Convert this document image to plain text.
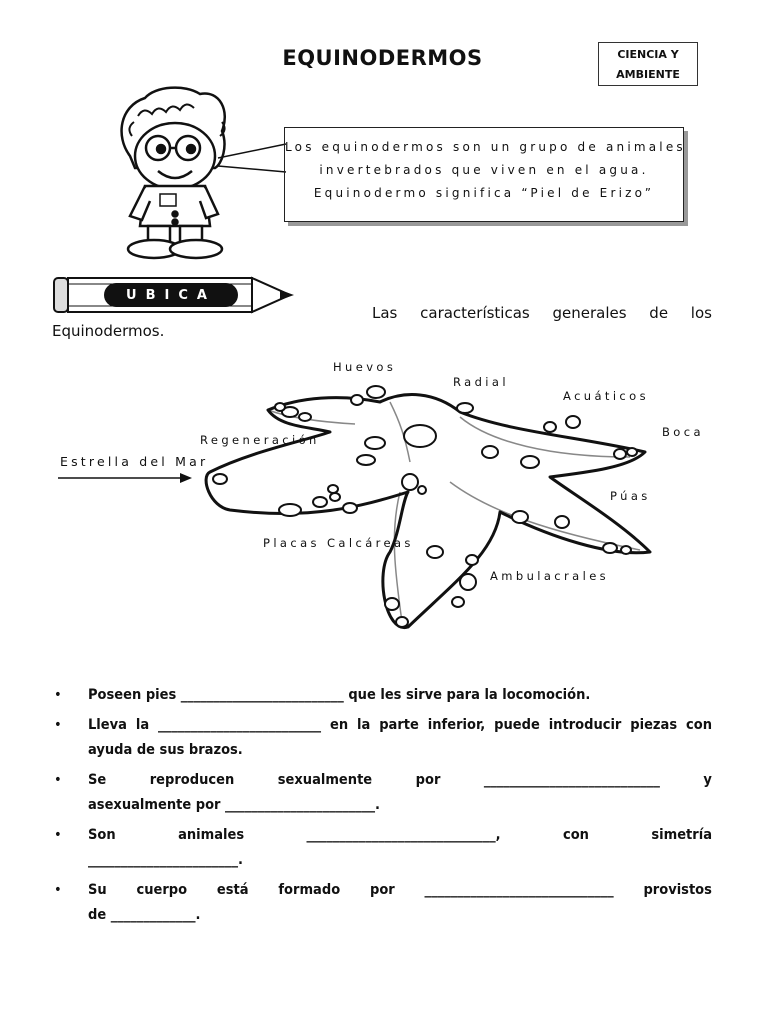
EQUINODERMOS	CIENCIA Y
AMBIENTE
Los equinodermos son un grupo de animales
invertebrados que viven en el agua.
Equinodermo significa “Piel de Erizo”
UBICA
Las características generales de los
Equinodermos.
Huevos
Radial
Acuáticos
Boca
Regeneración
Estrella del Mar
Púas
Placas Calcáreas
Ambulacrales
• Poseen pies _________________________ que les sirve para la locomoción.
• Lleva la _________________________ en la parte inferior, puede introducir piezas con ayuda de sus brazos.
• Se	reproducen	sexualmente	por	___________________________	y
asexualmente por _______________________.
• Son	animales	_____________________________,	con	simetría
_______________________.
• Su cuerpo está formado por _____________________________ provistos
de _____________.
